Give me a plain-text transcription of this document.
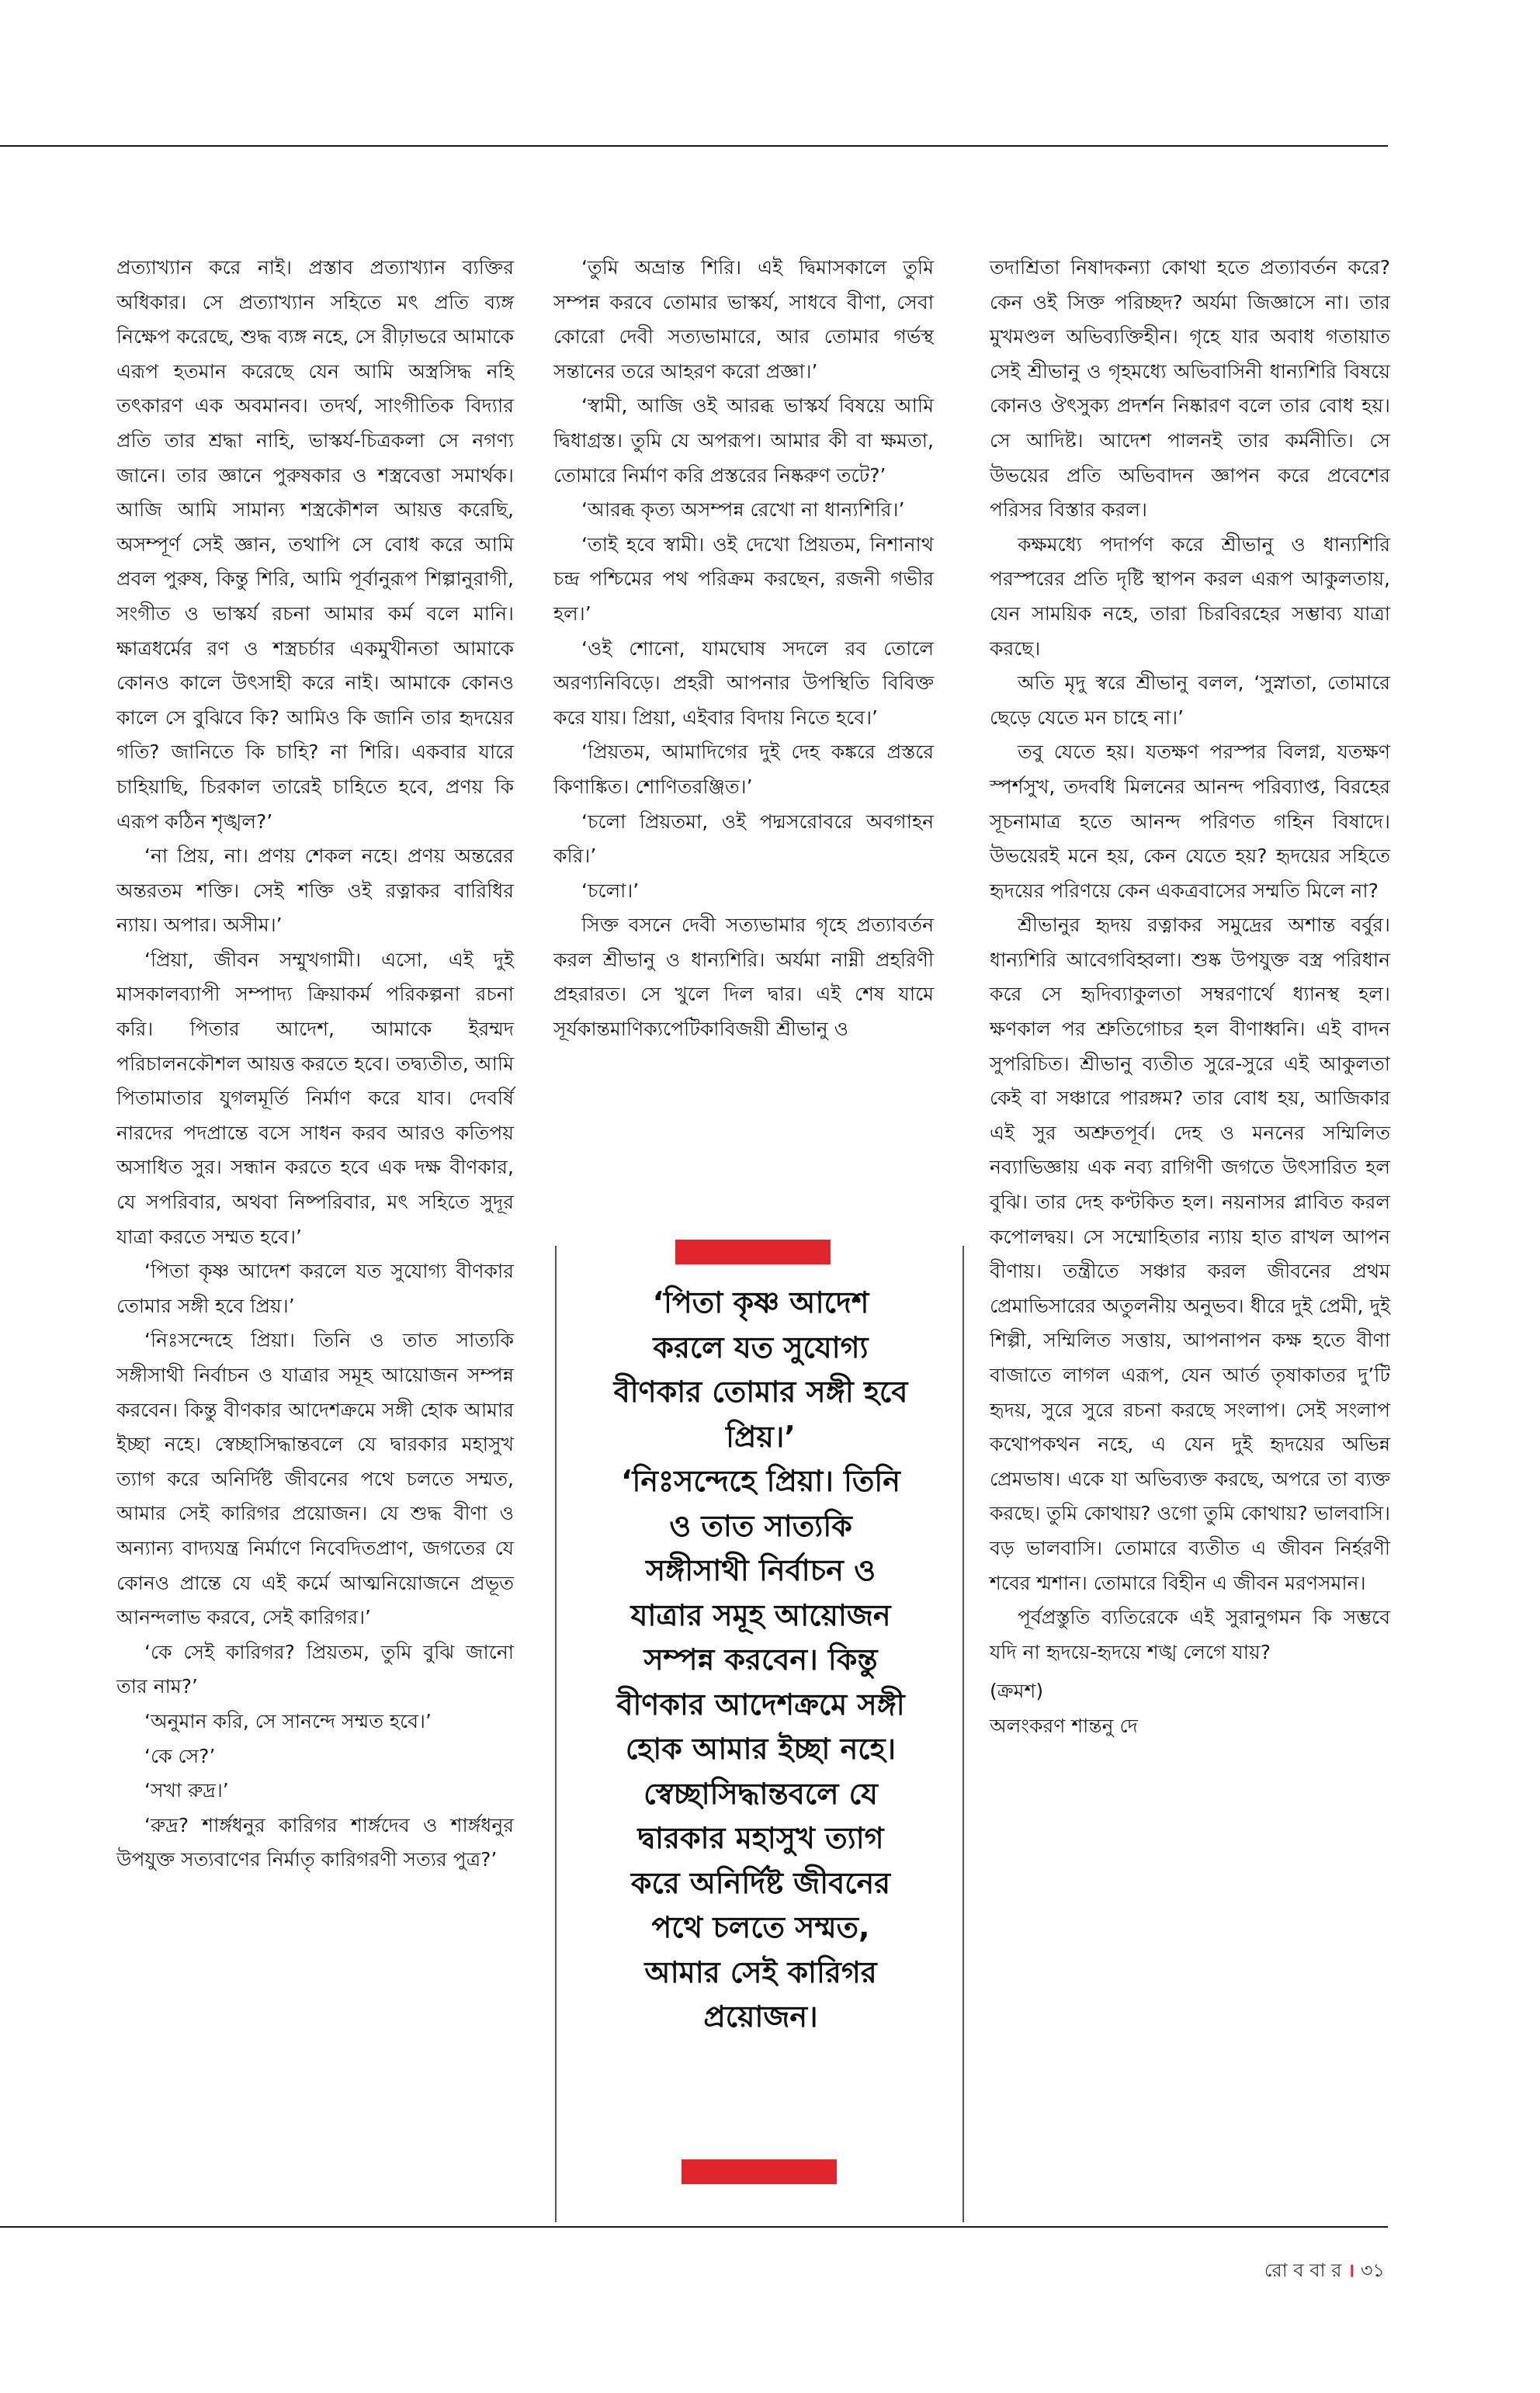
প্রত্যাখ্যান করে নাই। প্রস্তাব প্রত্যাখ্যান ব্যক্তির অধিকার। সে প্রত্যাখ্যান সহিতে মৎ প্রতি ব্যঙ্গ নিক্ষেপ করেছে, শুদ্ধ ব্যঙ্গ নহে, সে রীঢ়াভরে আমাকে এরূপ হতমান করেছে যেন আমি অস্ত্রসিদ্ধ নহি তৎকারণ এক অবমানব। তদর্থ, সাংগীতিক বিদ্যার প্রতি তার শ্রদ্ধা নাহি, ভাস্কর্য-চিত্রকলা সে নগণ্য জানে। তার জ্ঞানে পুরুষকার ও শস্ত্রবেত্তা সমার্থক। আজি আমি সামান্য শস্ত্রকৌশল আয়ত্ত করেছি, অসম্পূর্ণ সেই জ্ঞান, তথাপি সে বোধ করে আমি প্রবল পুরুষ, কিন্তু শিরি, আমি পূর্বানুরূপ শিল্পানুরাগী, সংগীত ও ভাস্কর্য রচনা আমার কর্ম বলে মানি। ক্ষাত্রধর্মের রণ ও শস্ত্রচর্চার একমুখীনতা আমাকে কোনও কালে উৎসাহী করে নাই। আমাকে কোনও কালে সে বুঝিবে কি? আমিও কি জানি তার হৃদয়ের গতি? জানিতে কি চাহি? না শিরি। একবার যারে চাহিয়াছি, চিরকাল তারেই চাহিতে হবে, প্রণয় কি এরূপ কঠিন শৃঙ্খল?’

‘না প্রিয়, না। প্রণয় শেকল নহে। প্রণয় অন্তরের অন্তরতম শক্তি। সেই শক্তি ওই রত্নাকর বারিধির ন্যায়। অপার। অসীম।’

‘প্রিয়া, জীবন সম্মুখগামী। এসো, এই দুই মাসকালব্যাপী সম্পাদ্য ক্রিয়াকর্ম পরিকল্পনা রচনা করি। পিতার আদেশ, আমাকে ইরম্মদ পরিচালনকৌশল আয়ত্ত করতে হবে। তদ্ব্যতীত, আমি পিতামাতার যুগলমূর্তি নির্মাণ করে যাব। দেবর্ষি নারদের পদপ্রান্তে বসে সাধন করব আরও কতিপয় অসাধিত সুর। সন্ধান করতে হবে এক দক্ষ বীণকার, যে সপরিবার, অথবা নিষ্পরিবার, মৎ সহিতে সুদূর যাত্রা করতে সম্মত হবে।’

‘পিতা কৃষ্ণ আদেশ করলে যত সুযোগ্য বীণকার তোমার সঙ্গী হবে প্রিয়।’

‘নিঃসন্দেহে প্রিয়া। তিনি ও তাত সাত্যকি সঙ্গীসাথী নির্বাচন ও যাত্রার সমূহ আয়োজন সম্পন্ন করবেন। কিন্তু বীণকার আদেশক্রমে সঙ্গী হোক আমার ইচ্ছা নহে। স্বেচ্ছাসিদ্ধান্তবলে যে দ্বারকার মহাসুখ ত্যাগ করে অনির্দিষ্ট জীবনের পথে চলতে সম্মত, আমার সেই কারিগর প্রয়োজন। যে শুদ্ধ বীণা ও অন্যান্য বাদ্যযন্ত্র নির্মাণে নিবেদিতপ্রাণ, জগতের যে কোনও প্রান্তে যে এই কর্মে আত্মনিয়োজনে প্রভূত আনন্দলাভ করবে, সেই কারিগর।’

‘কে সেই কারিগর? প্রিয়তম, তুমি বুঝি জানো তার নাম?’

‘অনুমান করি, সে সানন্দে সম্মত হবে।’

‘কে সে?’

‘সখা রুদ্র।’

‘রুদ্র? শার্ঙ্গধনুর কারিগর শার্ঙ্গদেব ও শার্ঙ্গধনুর উপযুক্ত সত্যবাণের নির্মাতৃ কারিগরণী সত্যর পুত্র?’

‘তুমি অভ্রান্ত শিরি। এই দ্বিমাসকালে তুমি সম্পন্ন করবে তোমার ভাস্কর্য, সাধবে বীণা, সেবা কোরো দেবী সত্যভামারে, আর তোমার গর্ভস্থ সন্তানের তরে আহরণ করো প্রজ্ঞা।’

‘স্বামী, আজি ওই আরব্ধ ভাস্কর্য বিষয়ে আমি দ্বিধাগ্রস্ত। তুমি যে অপরূপ। আমার কী বা ক্ষমতা, তোমারে নির্মাণ করি প্রস্তরের নিষ্করুণ তটে?’

‘আরব্ধ কৃত্য অসম্পন্ন রেখো না ধান্যশিরি।’

‘তাই হবে স্বামী। ওই দেখো প্রিয়তম, নিশানাথ চন্দ্র পশ্চিমের পথ পরিক্রম করছেন, রজনী গভীর হল।’

‘ওই শোনো, যামঘোষ সদলে রব তোলে অরণ্যনিবিড়ে। প্রহরী আপনার উপস্থিতি বিবিক্ত করে যায়। প্রিয়া, এইবার বিদায় নিতে হবে।’

‘প্রিয়তম, আমাদিগের দুই দেহ কঙ্করে প্রস্তরে কিণাঙ্কিত। শোণিতরঞ্জিত।’

‘চলো প্রিয়তমা, ওই পদ্মসরোবরে অবগাহন করি।’

‘চলো।’

সিক্ত বসনে দেবী সত্যভামার গৃহে প্রত্যাবর্তন করল শ্রীভানু ও ধান্যশিরি। অর্যমা নাম্নী প্রহরিণী প্রহরারত। সে খুলে দিল দ্বার। এই শেষ যামে সূর্যকান্তমাণিক্যপেটিকাবিজয়ী শ্রীভানু ও

‘পিতা কৃষ্ণ আদেশ করলে যত সুযোগ্য বীণকার তোমার সঙ্গী হবে প্রিয়।’

‘নিঃসন্দেহে প্রিয়া। তিনি ও তাত সাত্যকি সঙ্গীসাথী নির্বাচন ও যাত্রার সমূহ আয়োজন সম্পন্ন করবেন। কিন্তু বীণকার আদেশক্রমে সঙ্গী হোক আমার ইচ্ছা নহে। স্বেচ্ছাসিদ্ধান্তবলে যে দ্বারকার মহাসুখ ত্যাগ করে অনির্দিষ্ট জীবনের পথে চলতে সম্মত, আমার সেই কারিগর প্রয়োজন।

তদাশ্রিতা নিষাদকন্যা কোথা হতে প্রত্যাবর্তন করে? কেন ওই সিক্ত পরিচ্ছদ? অর্যমা জিজ্ঞাসে না। তার মুখমণ্ডল অভিব্যক্তিহীন। গৃহে যার অবাধ গতায়াত সেই শ্রীভানু ও গৃহমধ্যে অভিবাসিনী ধান্যশিরি বিষয়ে কোনও ঔৎসুক্য প্রদর্শন নিষ্কারণ বলে তার বোধ হয়। সে আদিষ্ট। আদেশ পালনই তার কর্মনীতি। সে উভয়ের প্রতি অভিবাদন জ্ঞাপন করে প্রবেশের পরিসর বিস্তার করল।

কক্ষমধ্যে পদার্পণ করে শ্রীভানু ও ধান্যশিরি পরস্পরের প্রতি দৃষ্টি স্থাপন করল এরূপ আকুলতায়, যেন সাময়িক নহে, তারা চিরবিরহের সম্ভাব্য যাত্রা করছে।

অতি মৃদু স্বরে শ্রীভানু বলল, ‘সুস্নাতা, তোমারে ছেড়ে যেতে মন চাহে না।’

তবু যেতে হয়। যতক্ষণ পরস্পর বিলগ্ন, যতক্ষণ স্পর্শসুখ, তদবধি মিলনের আনন্দ পরিব্যাপ্ত, বিরহের সূচনামাত্র হতে আনন্দ পরিণত গহিন বিষাদে। উভয়েরই মনে হয়, কেন যেতে হয়? হৃদয়ের সহিতে হৃদয়ের পরিণয়ে কেন একত্রবাসের সম্মতি মিলে না?

শ্রীভানুর হৃদয় রত্নাকর সমুদ্রের অশান্ত বর্বুর। ধান্যশিরি আবেগবিহ্বলা। শুষ্ক উপযুক্ত বস্ত্র পরিধান করে সে হৃদিব্যাকুলতা সম্বরণার্থে ধ্যানস্থ হল। ক্ষণকাল পর শ্রুতিগোচর হল বীণাধ্বনি। এই বাদন সুপরিচিত। শ্রীভানু ব্যতীত সুরে-সুরে এই আকুলতা কেই বা সঞ্চারে পারঙ্গম? তার বোধ হয়, আজিকার এই সুর অশ্রুতপূর্ব। দেহ ও মননের সম্মিলিত নব্যাভিজ্ঞায় এক নব্য রাগিণী জগতে উৎসারিত হল বুঝি। তার দেহ কণ্টকিত হল। নয়নাসর প্লাবিত করল কপোলদ্বয়। সে সম্মোহিতার ন্যায় হাত রাখল আপন বীণায়। তন্ত্রীতে সঞ্চার করল জীবনের প্রথম প্রেমাভিসারের অতুলনীয় অনুভব। ধীরে দুই প্রেমী, দুই শিল্পী, সম্মিলিত সত্তায়, আপনাপন কক্ষ হতে বীণা বাজাতে লাগল এরূপ, যেন আর্ত তৃষাকাতর দু’টি হৃদয়, সুরে সুরে রচনা করছে সংলাপ। সেই সংলাপ কথোপকথন নহে, এ যেন দুই হৃদয়ের অভিন্ন প্রেমভাষ। একে যা অভিব্যক্ত করছে, অপরে তা ব্যক্ত করছে। তুমি কোথায়? ওগো তুমি কোথায়? ভালবাসি। বড় ভালবাসি। তোমারে ব্যতীত এ জীবন নির্হরণী শবের শ্মশান। তোমারে বিহীন এ জীবন মরণসমান।

পূর্বপ্রস্তুতি ব্যতিরেকে এই সুরানুগমন কি সম্ভবে যদি না হৃদয়ে-হৃদয়ে শঙ্খ লেগে যায়?

(ক্রমশ)

অলংকরণ শান্তনু দে

রো ব বা র । ৩১
